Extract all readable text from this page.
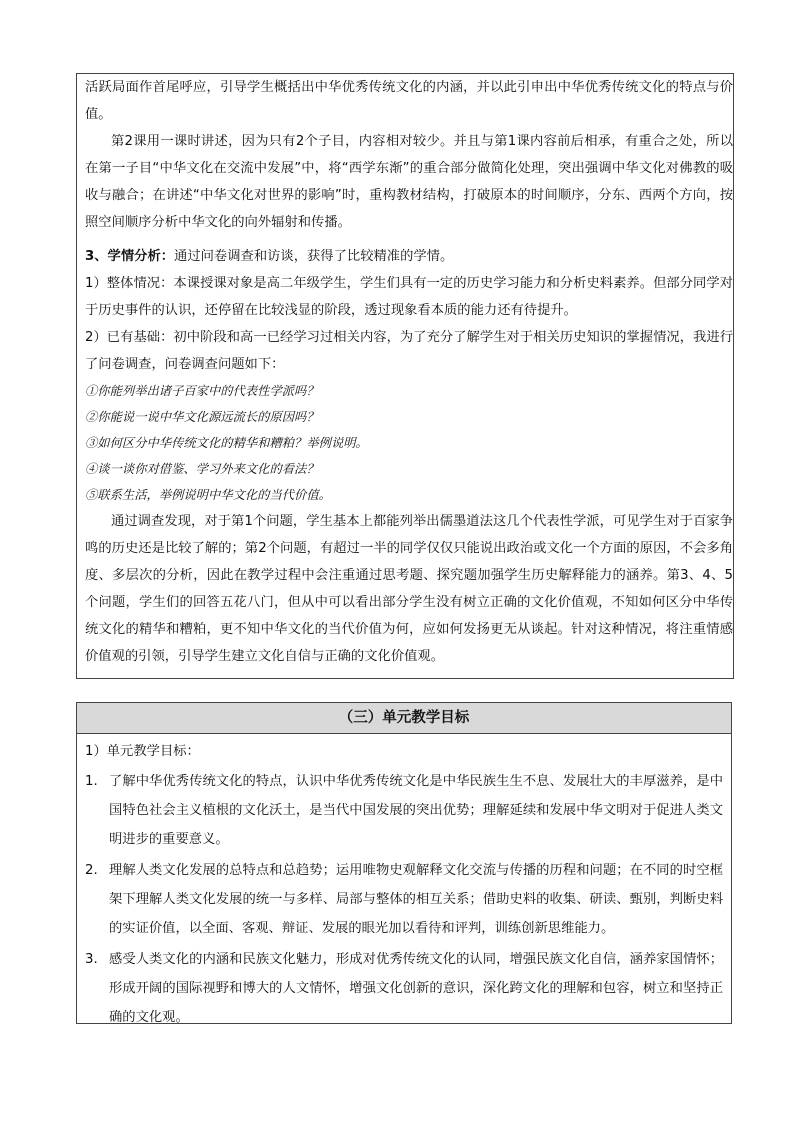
活跃局面作首尾呼应，引导学生概括出中华优秀传统文化的内涵，并以此引申出中华优秀传统文化的特点与价值。

第2课用一课时讲述，因为只有2个子目，内容相对较少。并且与第1课内容前后相承，有重合之处，所以在第一子目“中华文化在交流中发展”中，将“西学东渐”的重合部分做简化处理，突出强调中华文化对佛教的吸收与融合；在讲述“中华文化对世界的影响”时，重构教材结构，打破原本的时间顺序，分东、西两个方向，按照空间顺序分析中华文化的向外辐射和传播。

3、学情分析：通过问卷调查和访谈，获得了比较精准的学情。

1）整体情况：本课授课对象是高二年级学生，学生们具有一定的历史学习能力和分析史料素养。但部分同学对于历史事件的认识，还停留在比较浅显的阶段，透过现象看本质的能力还有待提升。

2）已有基础：初中阶段和高一已经学习过相关内容，为了充分了解学生对于相关历史知识的掌握情况，我进行了问卷调查，问卷调查问题如下：

①你能列举出诸子百家中的代表性学派吗？

②你能说一说中华文化源远流长的原因吗？

③如何区分中华传统文化的精华和糟粕？举例说明。

④谈一谈你对借鉴、学习外来文化的看法？

⑤联系生活，举例说明中华文化的当代价值。

通过调查发现，对于第1个问题，学生基本上都能列举出儒墨道法这几个代表性学派，可见学生对于百家争鸣的历史还是比较了解的；第2个问题，有超过一半的同学仅仅只能说出政治或文化一个方面的原因，不会多角度、多层次的分析，因此在教学过程中会注重通过思考题、探究题加强学生历史解释能力的涵养。第3、4、5个问题，学生们的回答五花八门，但从中可以看出部分学生没有树立正确的文化价值观，不知如何区分中华传统文化的精华和糟粕，更不知中华文化的当代价值为何，应如何发扬更无从谈起。针对这种情况，将注重情感价值观的引领，引导学生建立文化自信与正确的文化价值观。

（三）单元教学目标

1）单元教学目标：

1. 了解中华优秀传统文化的特点，认识中华优秀传统文化是中华民族生生不息、发展壮大的丰厚滋养，是中国特色社会主义植根的文化沃土，是当代中国发展的突出优势；理解延续和发展中华文明对于促进人类文明进步的重要意义。
2. 理解人类文化发展的总特点和总趋势；运用唯物史观解释文化交流与传播的历程和问题；在不同的时空框架下理解人类文化发展的统一与多样、局部与整体的相互关系；借助史料的收集、研读、甄别，判断史料的实证价值，以全面、客观、辩证、发展的眼光加以看待和评判，训练创新思维能力。
3. 感受人类文化的内涵和民族文化魅力，形成对优秀传统文化的认同，增强民族文化自信，涵养家国情怀；形成开阔的国际视野和博大的人文情怀，增强文化创新的意识，深化跨文化的理解和包容，树立和坚持正确的文化观。
